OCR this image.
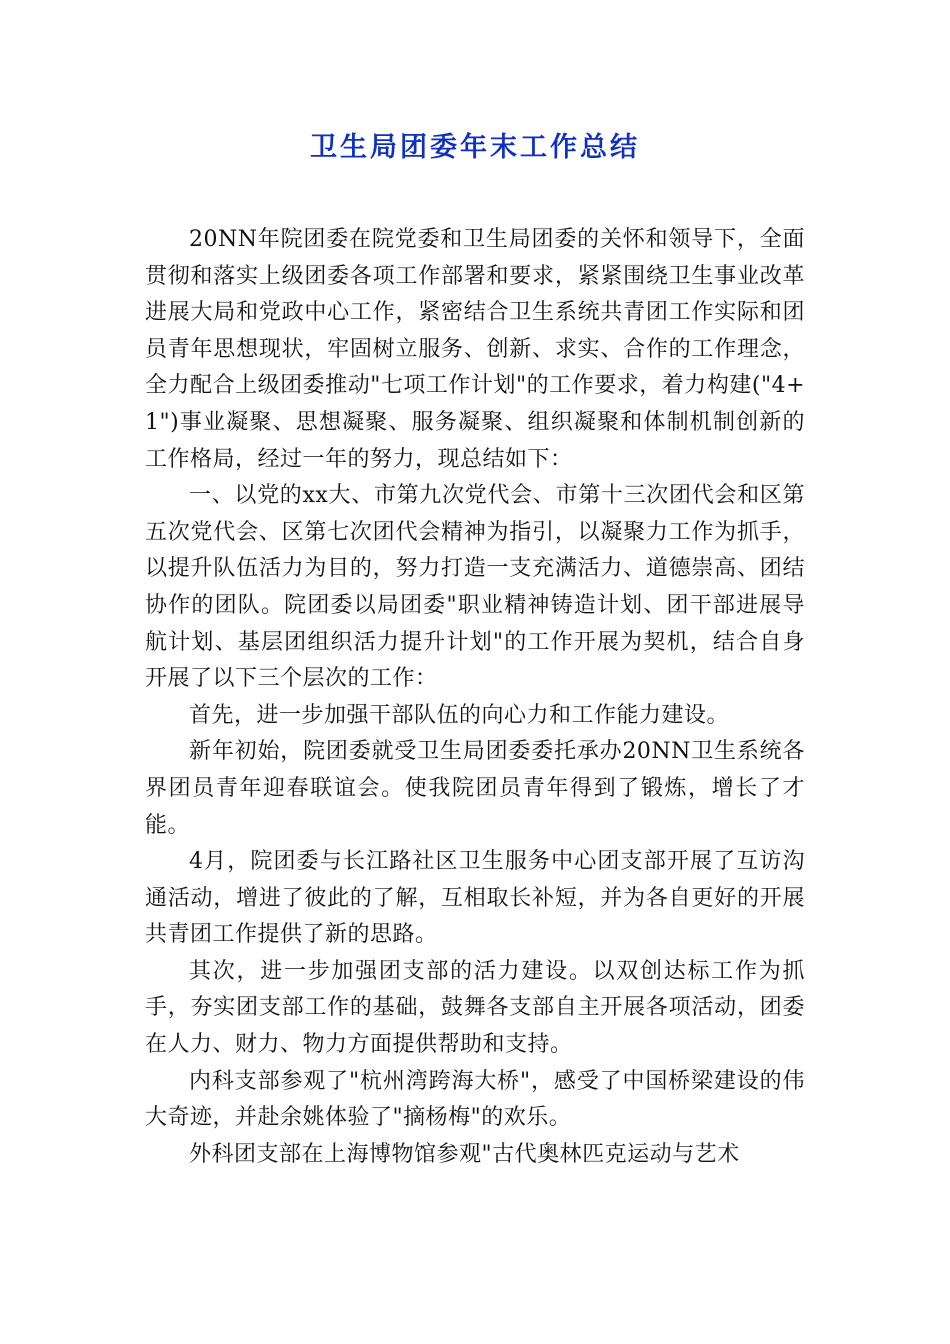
卫生局团委年末工作总结

20NN年院团委在院党委和卫生局团委的关怀和领导下，全面贯彻和落实上级团委各项工作部署和要求，紧紧围绕卫生事业改革进展大局和党政中心工作，紧密结合卫生系统共青团工作实际和团员青年思想现状，牢固树立服务、创新、求实、合作的工作理念，全力配合上级团委推动"七项工作计划"的工作要求，着力构建("4+1")事业凝聚、思想凝聚、服务凝聚、组织凝聚和体制机制创新的工作格局，经过一年的努力，现总结如下：

一、以党的xx大、市第九次党代会、市第十三次团代会和区第五次党代会、区第七次团代会精神为指引，以凝聚力工作为抓手，以提升队伍活力为目的，努力打造一支充满活力、道德崇高、团结协作的团队。院团委以局团委"职业精神铸造计划、团干部进展导航计划、基层团组织活力提升计划"的工作开展为契机，结合自身开展了以下三个层次的工作：

首先，进一步加强干部队伍的向心力和工作能力建设。

新年初始，院团委就受卫生局团委委托承办20NN卫生系统各界团员青年迎春联谊会。使我院团员青年得到了锻炼，增长了才能。

4月，院团委与长江路社区卫生服务中心团支部开展了互访沟通活动，增进了彼此的了解，互相取长补短，并为各自更好的开展共青团工作提供了新的思路。

其次，进一步加强团支部的活力建设。以双创达标工作为抓手，夯实团支部工作的基础，鼓舞各支部自主开展各项活动，团委在人力、财力、物力方面提供帮助和支持。

内科支部参观了"杭州湾跨海大桥"，感受了中国桥梁建设的伟大奇迹，并赴余姚体验了"摘杨梅"的欢乐。

外科团支部在上海博物馆参观"古代奥林匹克运动与艺术
